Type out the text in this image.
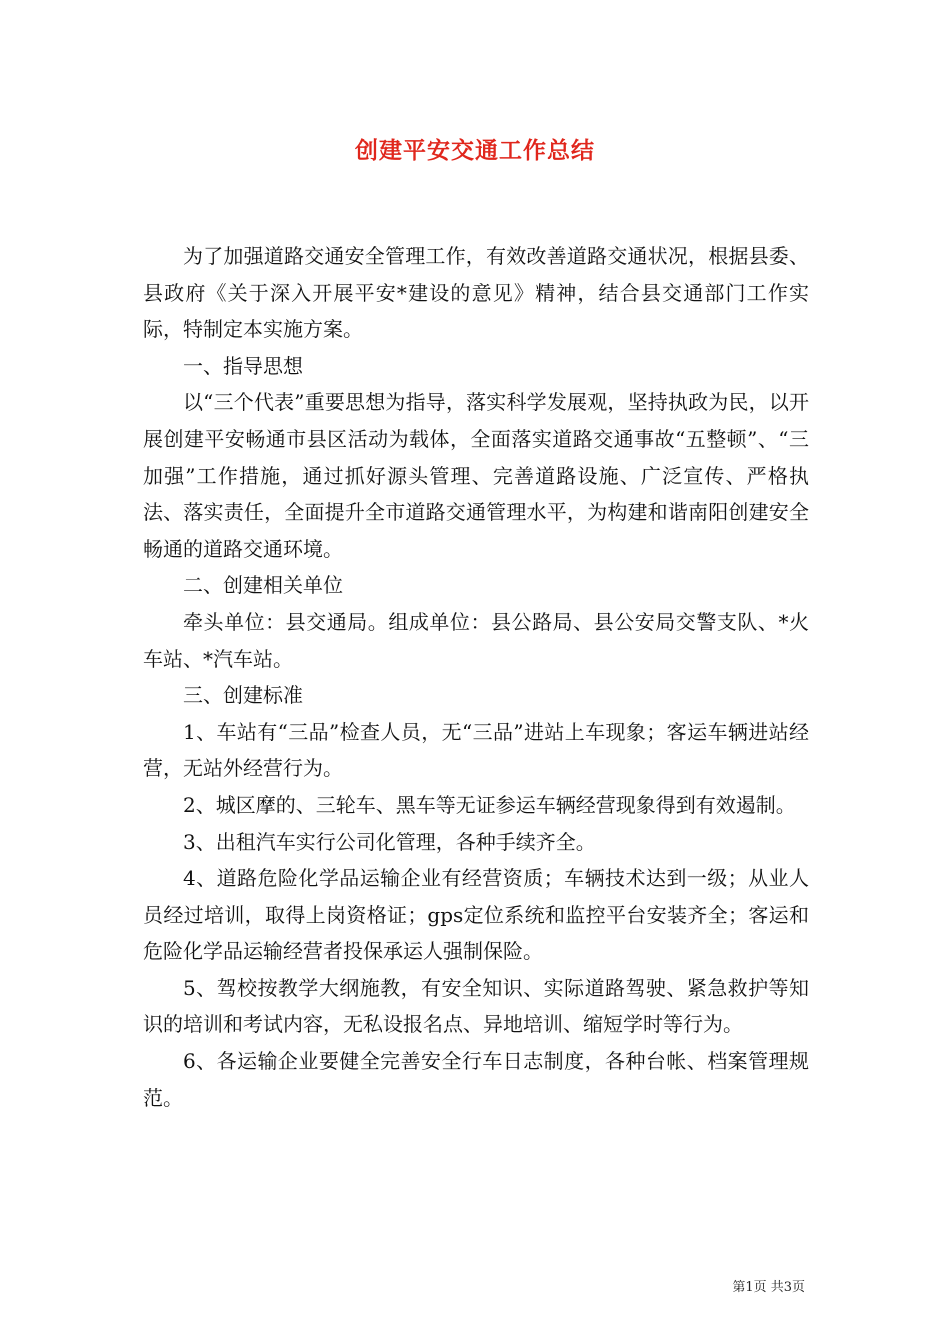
创建平安交通工作总结

为了加强道路交通安全管理工作，有效改善道路交通状况，根据县委、县政府《关于深入开展平安*建设的意见》精神，结合县交通部门工作实际，特制定本实施方案。

一、指导思想

以“三个代表”重要思想为指导，落实科学发展观，坚持执政为民，以开展创建平安畅通市县区活动为载体，全面落实道路交通事故“五整顿”、“三加强”工作措施，通过抓好源头管理、完善道路设施、广泛宣传、严格执法、落实责任，全面提升全市道路交通管理水平，为构建和谐南阳创建安全畅通的道路交通环境。

二、创建相关单位

牵头单位：县交通局。组成单位：县公路局、县公安局交警支队、*火车站、*汽车站。

三、创建标准

1、车站有“三品”检查人员，无“三品”进站上车现象；客运车辆进站经营，无站外经营行为。

2、城区摩的、三轮车、黑车等无证参运车辆经营现象得到有效遏制。

3、出租汽车实行公司化管理，各种手续齐全。

4、道路危险化学品运输企业有经营资质；车辆技术达到一级；从业人员经过培训，取得上岗资格证；gps定位系统和监控平台安装齐全；客运和危险化学品运输经营者投保承运人强制保险。

5、驾校按教学大纲施教，有安全知识、实际道路驾驶、紧急救护等知识的培训和考试内容，无私设报名点、异地培训、缩短学时等行为。

6、各运输企业要健全完善安全行车日志制度，各种台帐、档案管理规范。

第1页 共3页
